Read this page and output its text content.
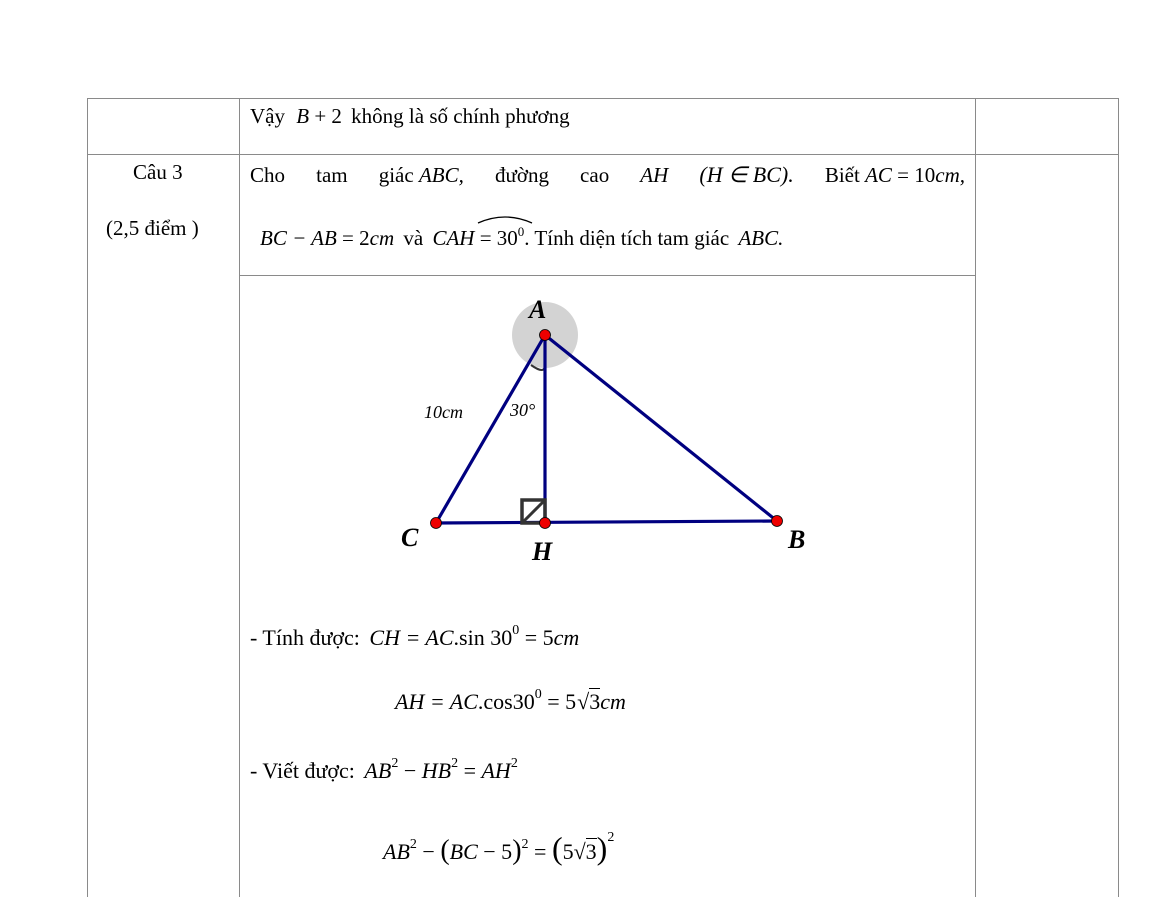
Vậy B + 2 không là số chính phương
Câu 3
(2,5 điểm )
Cho tam giác ABC, đường cao AH (H ∈ BC). Biết AC = 10cm,
BC − AB = 2cm và CAH = $30^0$. Tính diện tích tam giác ABC.
A
C	H	B
10cm	30°
- Tính được: CH = AC.sin $30^0 = 5cm$
AH = $AC.\cos 30^0 = 5√3cm$
- Viết được: $AB^2 - HB^2 = AH^2$
$AB^2 - (BC - 5)^2 = (5√3)^2$
